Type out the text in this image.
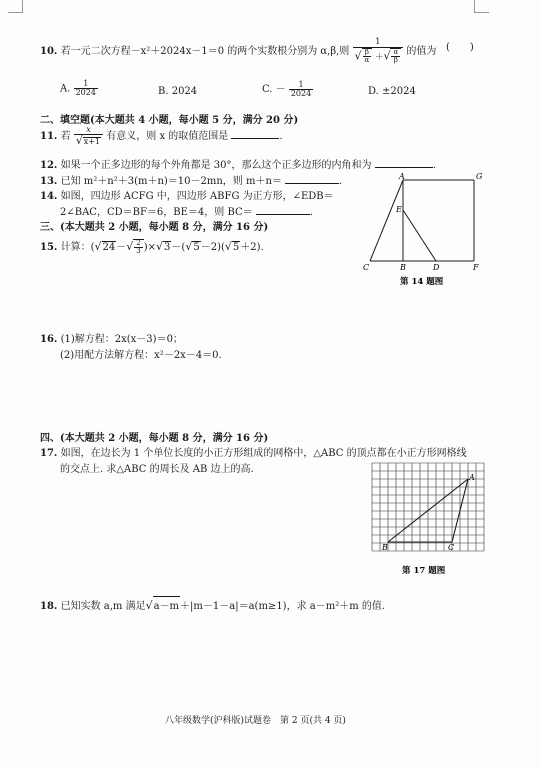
10. 若一元二次方程－x²＋2024x－1＝0 的两个实数根分别为 α,β,则 $\frac{1}{√ \frac{\beta}{\alpha} +√ \frac{\alpha}{\beta}}$ 的值为 (　　)
A. $\frac{1}{2024}$	B. 2024	C. － $\frac{1}{2024}$	D. ±2024
二、填空题(本大题共 4 小题，每小题 5 分，满分 20 分)
11. 若 $\frac{x}{√x+1}$ 有意义，则 x 的取值范围是	.
12. 如果一个正多边形的每个外角都是 30°，那么这个正多边形的内角和为	.
13. 已知 m²＋n²＋3(m＋n)＝10－2mn，则 m＋n＝	.
14. 如图，四边形 ACFG 中，四边形 ABFG 为正方形，∠EDB＝
2∠BAC，CD＝BF＝6，BE＝4，则 BC＝	.
A	G
E
C	B	D	F
第 14 题图
三、(本大题共 2 小题，每小题 8 分，满分 16 分)
15. 计算：$(√24-√ \frac{2}{3} )\times√3-(√5-2)(√5+2)$.
16. (1)解方程：2x(x－3)＝0；
(2)用配方法解方程：x²－2x－4＝0.
四、(本大题共 2 小题，每小题 8 分，满分 16 分)
17. 如图，在边长为 1 个单位长度的小正方形组成的网格中，△ABC 的顶点都在小正方形网格线
的交点上. 求△ABC 的周长及 AB 边上的高.
A
B	C
第 17 题图
18. 已知实数 a,m 满足√a－m＋|m－1－a|＝a(m≥1)，求 a－m²＋m 的值.
八年级数学(沪科版)试题卷　第 2 页(共 4 页)
